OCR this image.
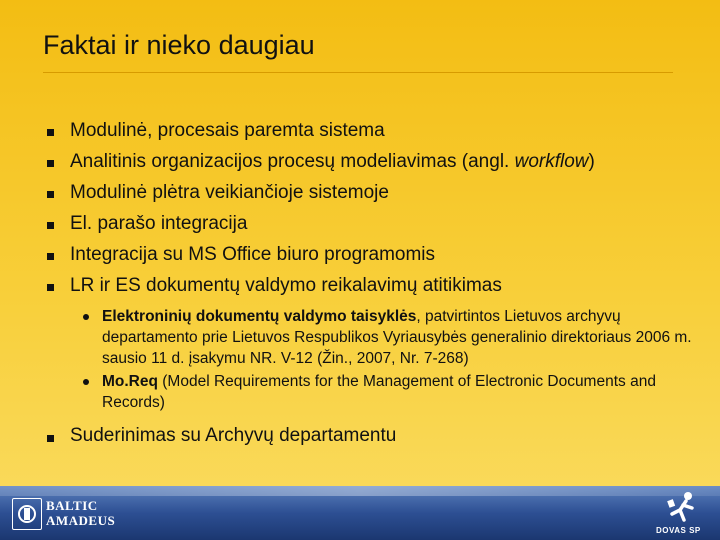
Faktai ir nieko daugiau
Modulinė, procesais paremta sistema
Analitinis organizacijos procesų modeliavimas (angl. workflow)
Modulinė plėtra veikiančioje sistemoje
El. parašo integracija
Integracija su MS Office biuro programomis
LR ir ES dokumentų valdymo reikalavimų atitikimas
Elektroninių dokumentų valdymo taisyklės, patvirtintos Lietuvos archyvų departamento prie Lietuvos Respublikos Vyriausybės generalinio direktoriaus 2006 m. sausio 11 d. įsakymu NR. V-12 (Žin., 2007, Nr. 7-268)
Mo.Req (Model Requirements for the Management of Electronic Documents and Records)
Suderinimas su Archyvų departamentu
BALTIC
AMADEUS
DOVAS SP
